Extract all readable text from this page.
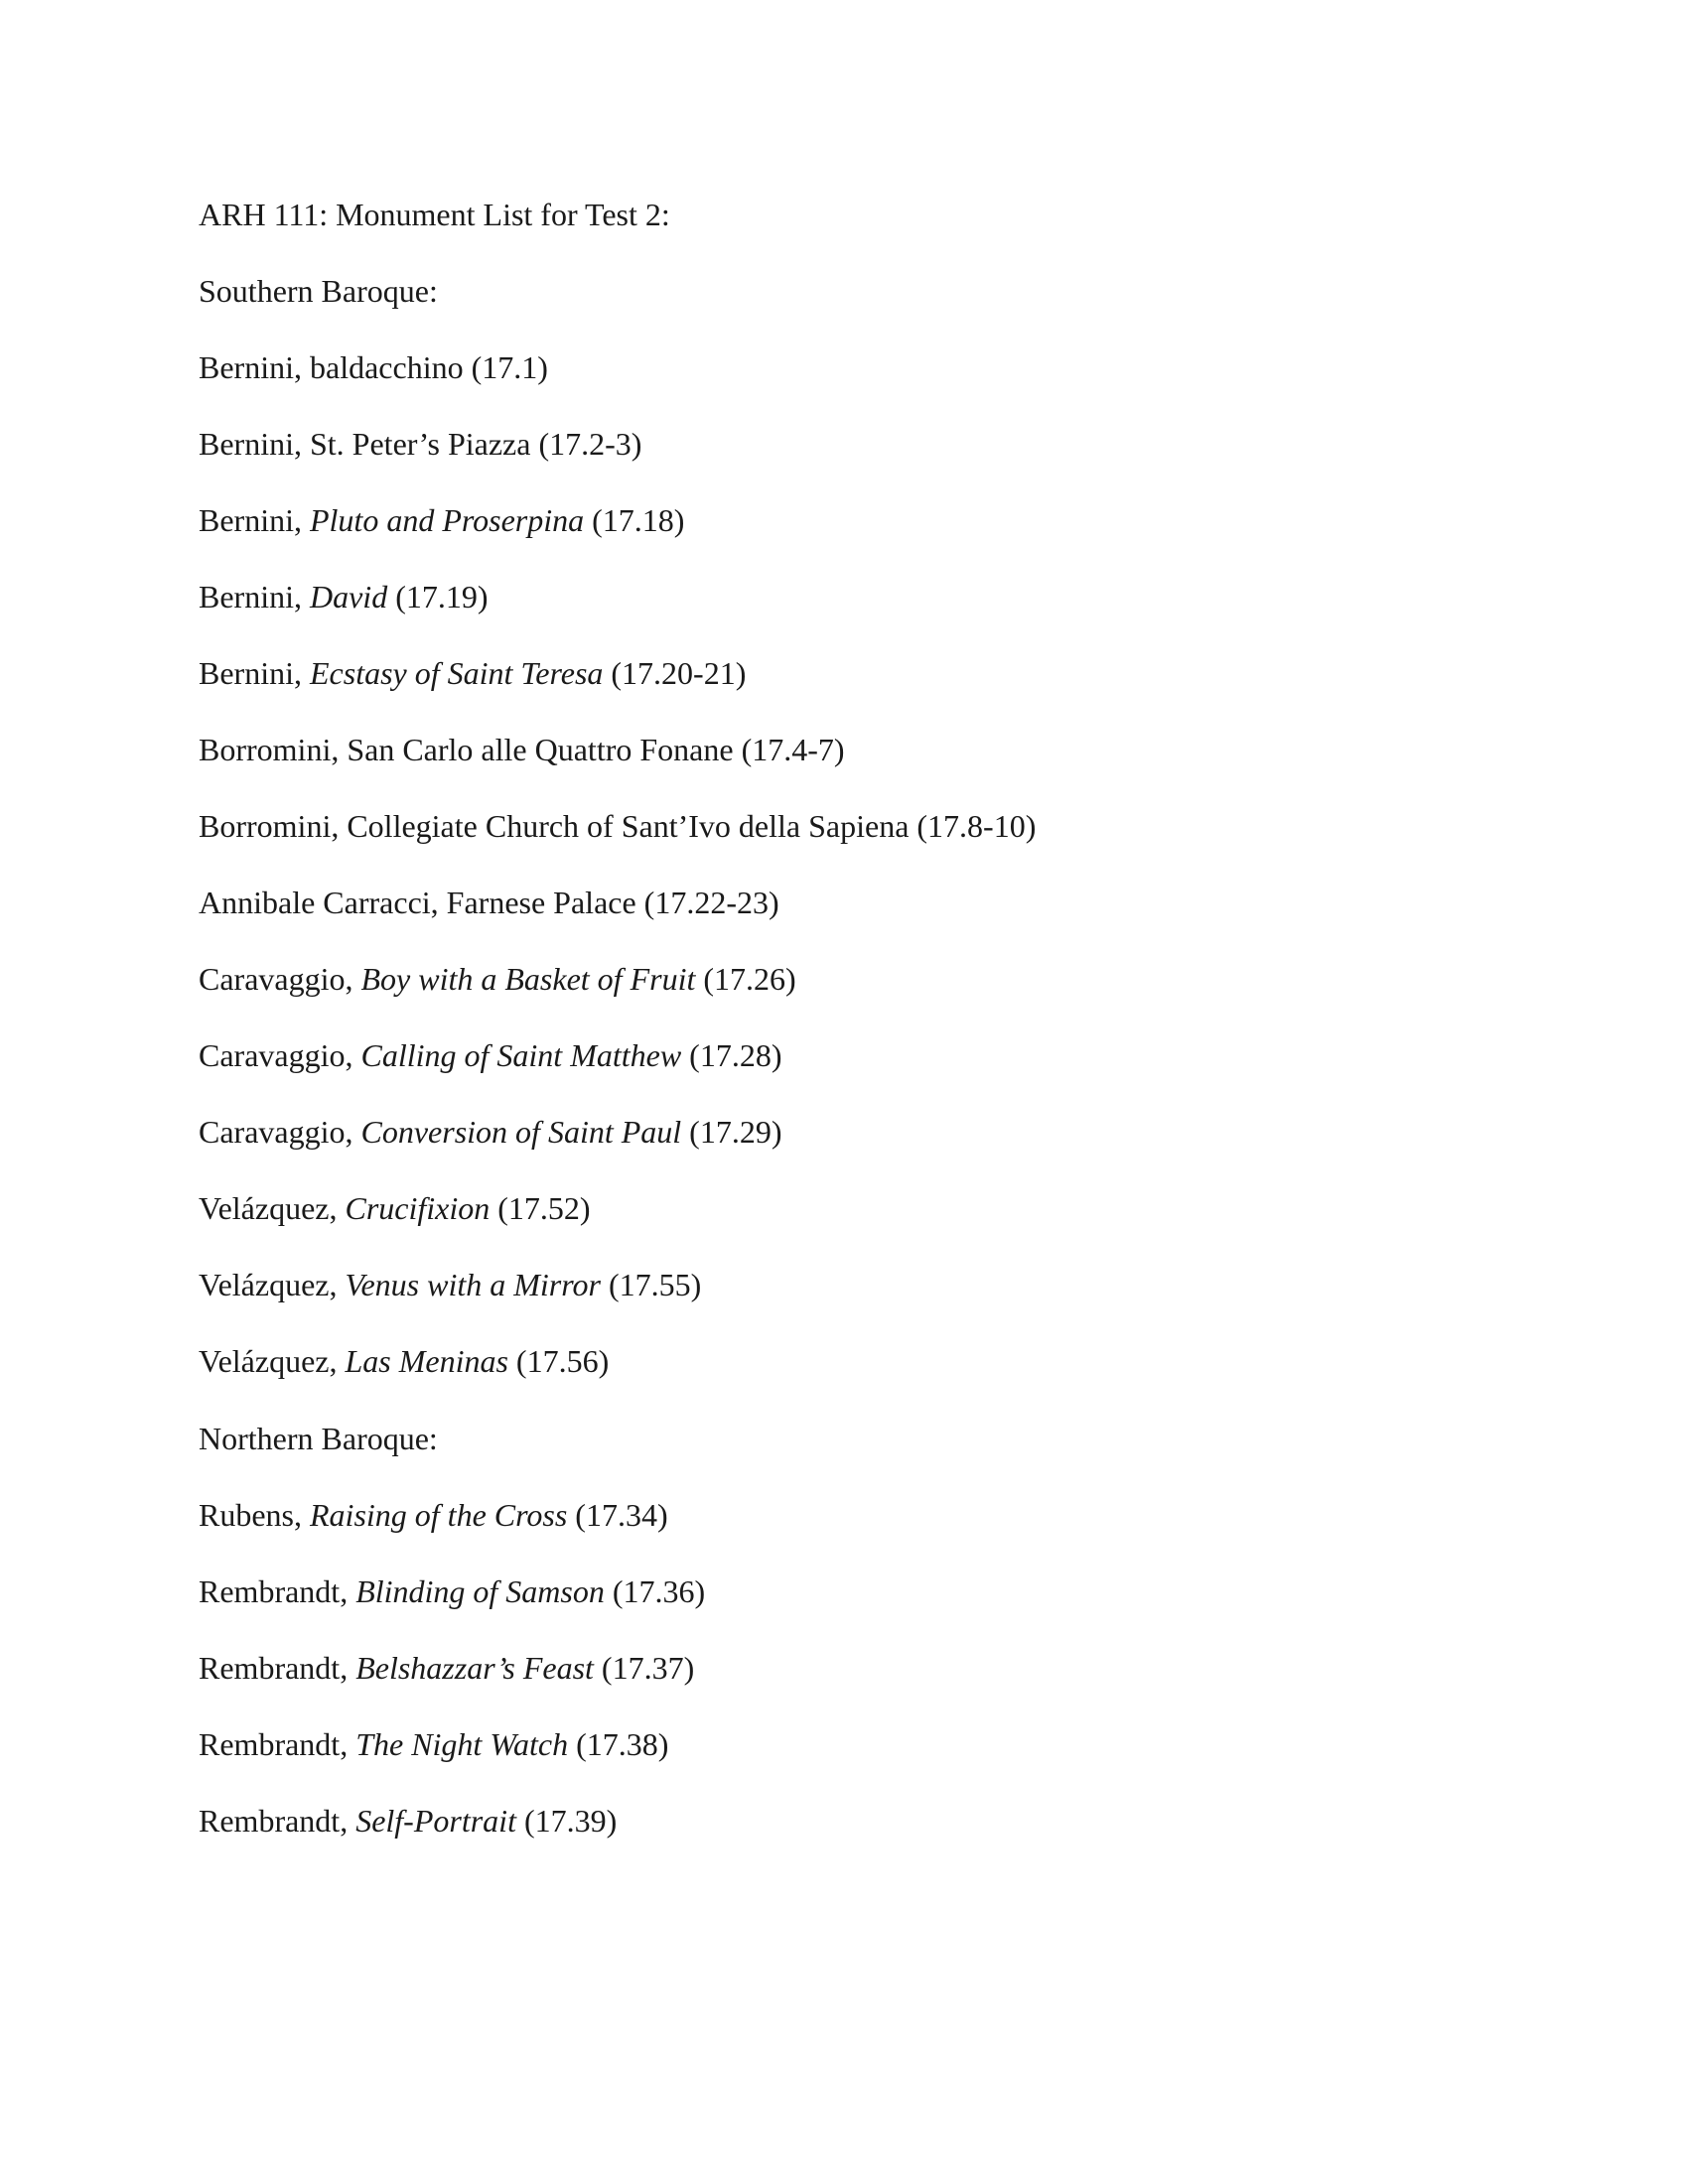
ARH 111: Monument List for Test 2:
Southern Baroque:
Bernini, baldacchino (17.1)
Bernini, St. Peter’s Piazza (17.2-3)
Bernini, Pluto and Proserpina (17.18)
Bernini, David (17.19)
Bernini, Ecstasy of Saint Teresa (17.20-21)
Borromini, San Carlo alle Quattro Fonane (17.4-7)
Borromini, Collegiate Church of Sant’Ivo della Sapiena (17.8-10)
Annibale Carracci, Farnese Palace (17.22-23)
Caravaggio, Boy with a Basket of Fruit (17.26)
Caravaggio, Calling of Saint Matthew (17.28)
Caravaggio, Conversion of Saint Paul (17.29)
Velázquez, Crucifixion (17.52)
Velázquez, Venus with a Mirror (17.55)
Velázquez, Las Meninas (17.56)
Northern Baroque:
Rubens, Raising of the Cross (17.34)
Rembrandt, Blinding of Samson (17.36)
Rembrandt, Belshazzar’s Feast (17.37)
Rembrandt, The Night Watch (17.38)
Rembrandt, Self-Portrait (17.39)
